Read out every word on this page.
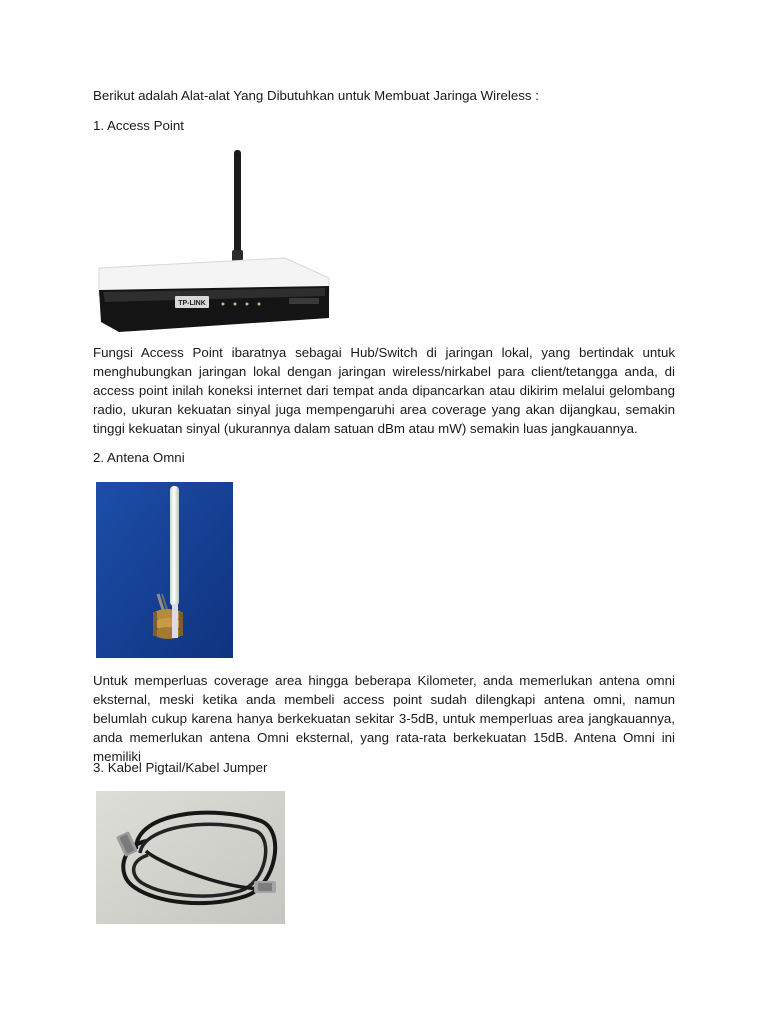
Berikut adalah Alat-alat Yang Dibutuhkan untuk Membuat Jaringa Wireless :
1. Access Point
TP-LINK
Fungsi Access Point ibaratnya sebagai Hub/Switch di jaringan lokal, yang bertindak untuk menghubungkan jaringan lokal dengan jaringan wireless/nirkabel para client/tetangga anda, di access point inilah koneksi internet dari tempat anda dipancarkan atau dikirim melalui gelombang radio, ukuran kekuatan sinyal juga mempengaruhi area coverage yang akan dijangkau, semakin tinggi kekuatan sinyal (ukurannya dalam satuan dBm atau mW) semakin luas jangkauannya.
2. Antena Omni
Untuk memperluas coverage area hingga beberapa Kilometer, anda memerlukan antena omni eksternal, meski ketika anda membeli access point sudah dilengkapi antena omni, namun belumlah cukup karena hanya berkekuatan sekitar 3-5dB, untuk memperluas area jangkauannya, anda memerlukan antena Omni eksternal, yang rata-rata berkekuatan 15dB. Antena Omni ini memiliki
3. Kabel Pigtail/Kabel Jumper
